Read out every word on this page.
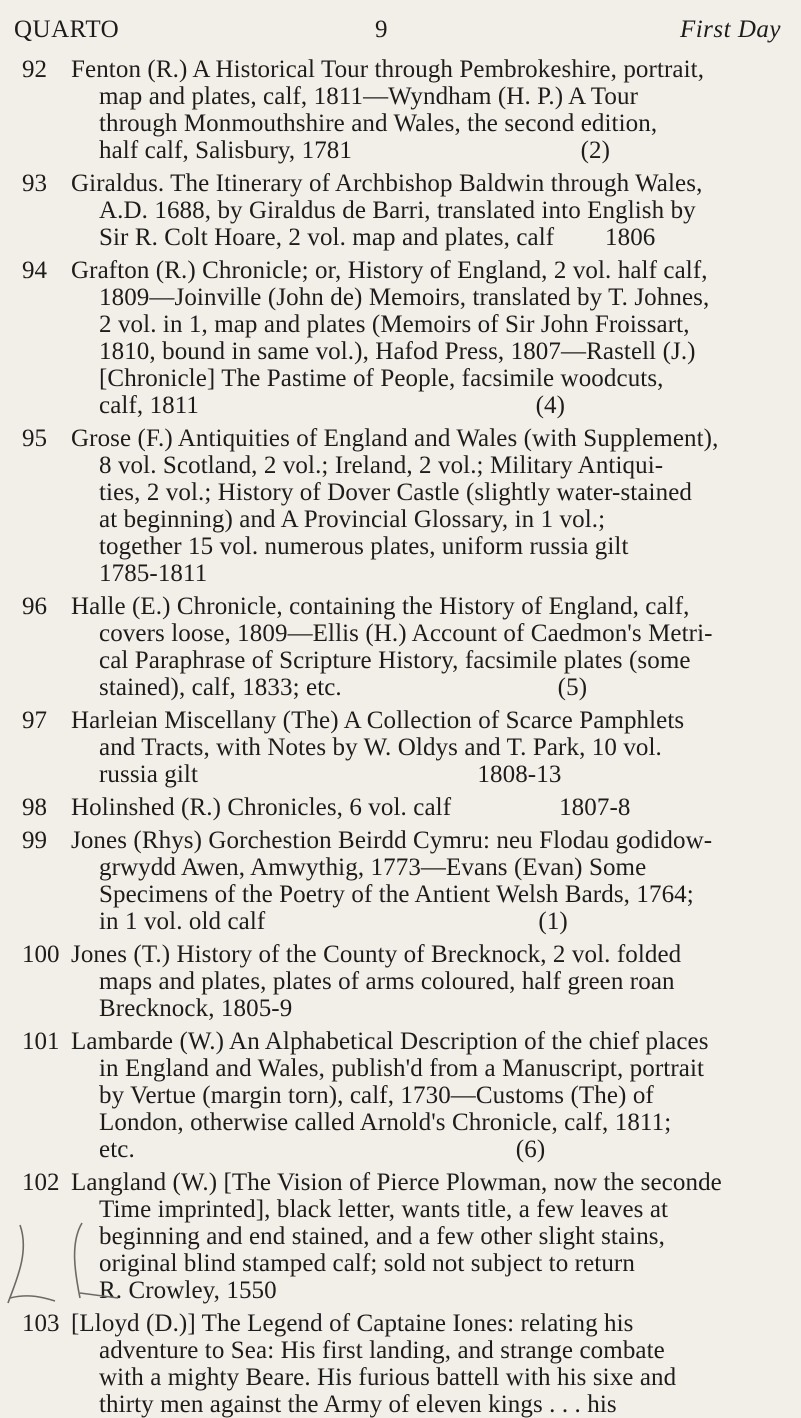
QUARTO	9	First Day
92 Fenton (R.) A Historical Tour through Pembrokeshire, portrait,
map and plates, calf, 1811—Wyndham (H. P.) A Tour
through Monmouthshire and Wales, the second edition,
half calf, Salisbury, 1781                                    (2)
93 Giraldus. The Itinerary of Archbishop Baldwin through Wales,
A.D. 1688, by Giraldus de Barri, translated into English by
Sir R. Colt Hoare, 2 vol. map and plates, calf        1806
94 Grafton (R.) Chronicle; or, History of England, 2 vol. half calf,
1809—Joinville (John de) Memoirs, translated by T. Johnes,
2 vol. in 1, map and plates (Memoirs of Sir John Froissart,
1810, bound in same vol.), Hafod Press, 1807—Rastell (J.)
[Chronicle] The Pastime of People, facsimile woodcuts,
calf, 1811                                                     (4)
95 Grose (F.) Antiquities of England and Wales (with Supplement),
8 vol. Scotland, 2 vol.; Ireland, 2 vol.; Military Antiqui-
ties, 2 vol.; History of Dover Castle (slightly water-stained
at beginning) and A Provincial Glossary, in 1 vol.;
together 15 vol. numerous plates, uniform russia gilt
1785-1811
96 Halle (E.) Chronicle, containing the History of England, calf,
covers loose, 1809—Ellis (H.) Account of Caedmon's Metri-
cal Paraphrase of Scripture History, facsimile plates (some
stained), calf, 1833; etc.                                  (5)
97 Harleian Miscellany (The) A Collection of Scarce Pamphlets
and Tracts, with Notes by W. Oldys and T. Park, 10 vol.
russia gilt                                            1808-13
98 Holinshed (R.) Chronicles, 6 vol. calf                 1807-8
99 Jones (Rhys) Gorchestion Beirdd Cymru: neu Flodau godidow-
grwydd Awen, Amwythig, 1773—Evans (Evan) Some
Specimens of the Poetry of the Antient Welsh Bards, 1764;
in 1 vol. old calf                                           (1)
100 Jones (T.) History of the County of Brecknock, 2 vol. folded
maps and plates, plates of arms coloured, half green roan
Brecknock, 1805-9
101 Lambarde (W.) An Alphabetical Description of the chief places
in England and Wales, publish'd from a Manuscript, portrait
by Vertue (margin torn), calf, 1730—Customs (The) of
London, otherwise called Arnold's Chronicle, calf, 1811;
etc.                                                            (6)
102 Langland (W.) [The Vision of Pierce Plowman, now the seconde
Time imprinted], black letter, wants title, a few leaves at
beginning and end stained, and a few other slight stains,
original blind stamped calf; sold not subject to return
R. Crowley, 1550
103 [Lloyd (D.)] The Legend of Captaine Iones: relating his
adventure to Sea: His first landing, and strange combate
with a mighty Beare. His furious battell with his sixe and
thirty men against the Army of eleven kings . . . his
